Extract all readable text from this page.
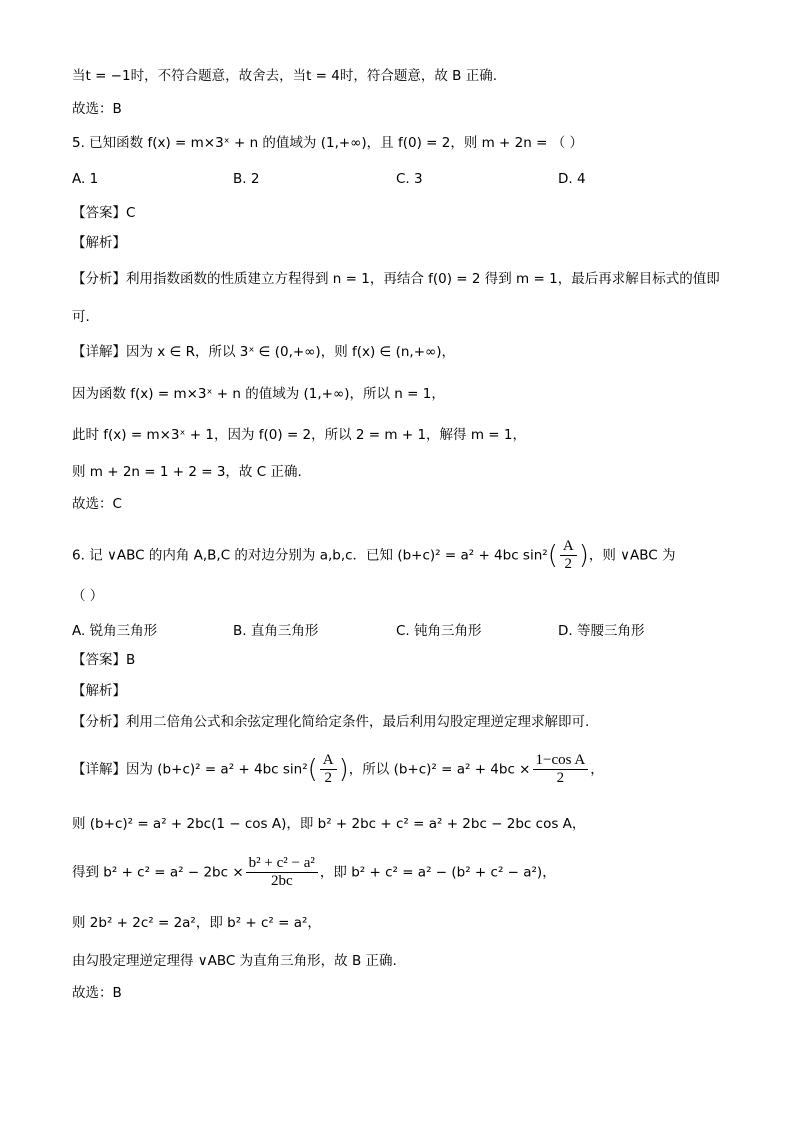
当t = −1时，不符合题意，故舍去，当t = 4时，符合题意，故 B 正确.
故选：B
5. 已知函数 f(x) = m×3ˣ + n 的值域为 (1,+∞)，且 f(0) = 2，则 m + 2n = （ ）
A. 1	B. 2	C. 3	D. 4
【答案】C
【解析】
【分析】利用指数函数的性质建立方程得到 n = 1，再结合 f(0) = 2 得到 m = 1，最后再求解目标式的值即
可.
【详解】因为 x ∈ R，所以 3ˣ ∈ (0,+∞)，则 f(x) ∈ (n,+∞)，
因为函数 f(x) = m×3ˣ + n 的值域为 (1,+∞)，所以 n = 1，
此时 f(x) = m×3ˣ + 1，因为 f(0) = 2，所以 2 = m + 1，解得 m = 1，
则 m + 2n = 1 + 2 = 3，故 C 正确.
故选：C
6. 记 ∨ABC 的内角 A,B,C 的对边分别为 a,b,c．已知 (b+c)² = a² + 4bc $\sin^2( \frac{A}{2}$ )，则 ∨ABC 为
（ ）
A. 锐角三角形	B. 直角三角形	C. 钝角三角形	D. 等腰三角形
【答案】B
【解析】
【分析】利用二倍角公式和余弦定理化简给定条件，最后利用勾股定理逆定理求解即可.
【详解】因为 (b+c)² = a² + 4bc $\sin^2( \frac{A}{2}$ )，所以 $(b+c)^2 = a^2 + 4bc \times \frac{\text{1−cos A}}{2}$ ，
则 (b+c)² = a² + 2bc(1 − cos A)，即 b² + 2bc + c² = a² + 2bc − 2bc cos A，
得到 $b^2 + c^2 = a^2 - 2bc \times \frac{\text{b² + c² − a²}}{2bc}$ ，即 b² + c² = a² − (b² + c² − a²)，
则 2b² + 2c² = 2a²，即 b² + c² = a²，
由勾股定理逆定理得 ∨ABC 为直角三角形，故 B 正确.
故选：B
